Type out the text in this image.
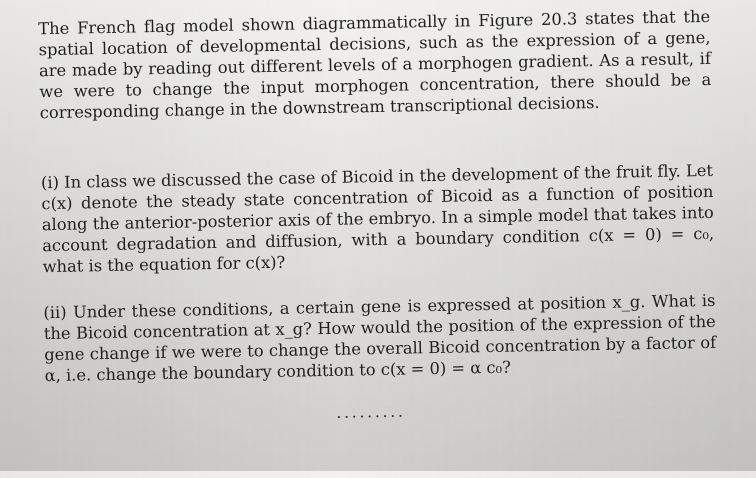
The French flag model shown diagrammatically in Figure 20.3 states that the spatial location of developmental decisions, such as the expression of a gene, are made by reading out different levels of a morphogen gradient. As a result, if we were to change the input morphogen concentration, there should be a corresponding change in the downstream transcriptional decisions.
(i) In class we discussed the case of Bicoid in the development of the fruit fly. Let c(x) denote the steady state concentration of Bicoid as a function of position along the anterior-posterior axis of the embryo. In a simple model that takes into account degradation and diffusion, with a boundary condition c(x = 0) = c₀, what is the equation for c(x)?
(ii) Under these conditions, a certain gene is expressed at position x_g. What is the Bicoid concentration at x_g? How would the position of the expression of the gene change if we were to change the overall Bicoid concentration by a factor of α, i.e. change the boundary condition to c(x = 0) = α c₀?
.........
